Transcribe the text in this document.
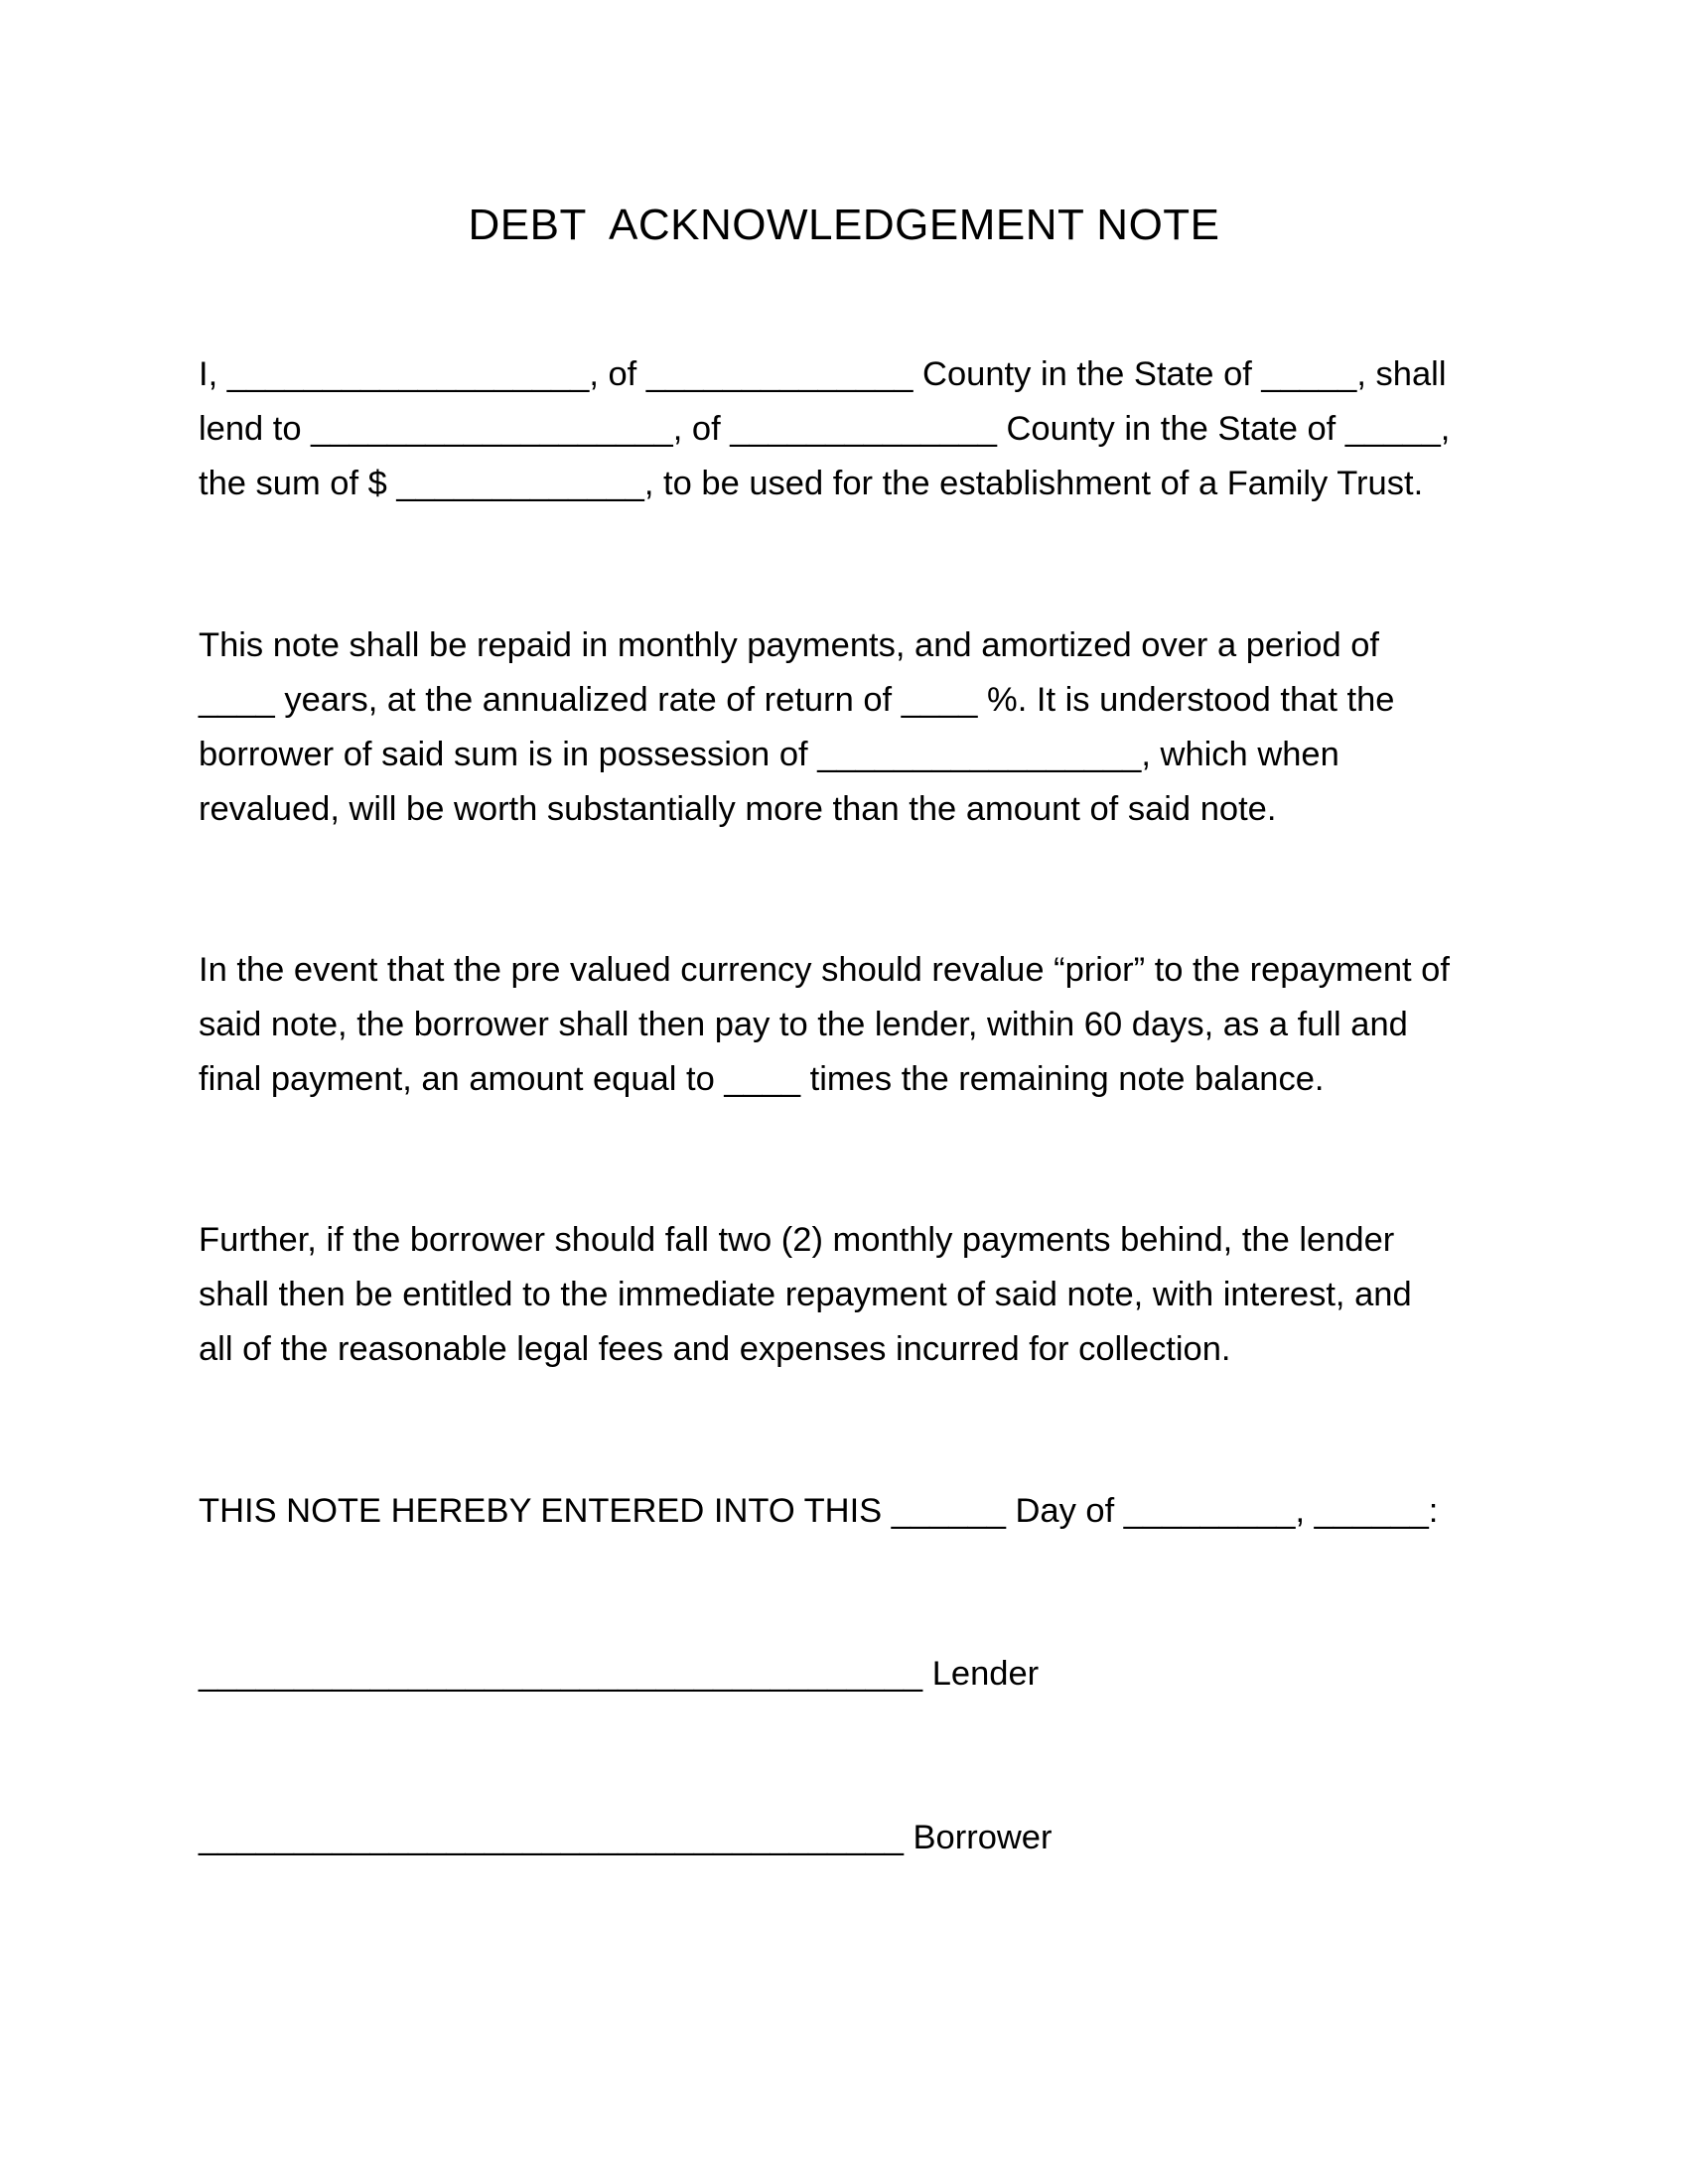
DEBT  ACKNOWLEDGEMENT NOTE
I, ___________________, of ______________ County in the State of _____, shall
lend to ___________________, of ______________ County in the State of _____,
the sum of $ _____________, to be used for the establishment of a Family Trust.
This note shall be repaid in monthly payments, and amortized over a period of
____ years, at the annualized rate of return of ____ %. It is understood that the
borrower of said sum is in possession of _________________, which when
revalued, will be worth substantially more than the amount of said note.
In the event that the pre valued currency should revalue “prior” to the repayment of
said note, the borrower shall then pay to the lender, within 60 days, as a full and
final payment, an amount equal to ____ times the remaining note balance.
Further, if the borrower should fall two (2) monthly payments behind, the lender
shall then be entitled to the immediate repayment of said note, with interest, and
all of the reasonable legal fees and expenses incurred for collection.
THIS NOTE HEREBY ENTERED INTO THIS ______ Day of _________, ______:
______________________________________ Lender
_____________________________________ Borrower
